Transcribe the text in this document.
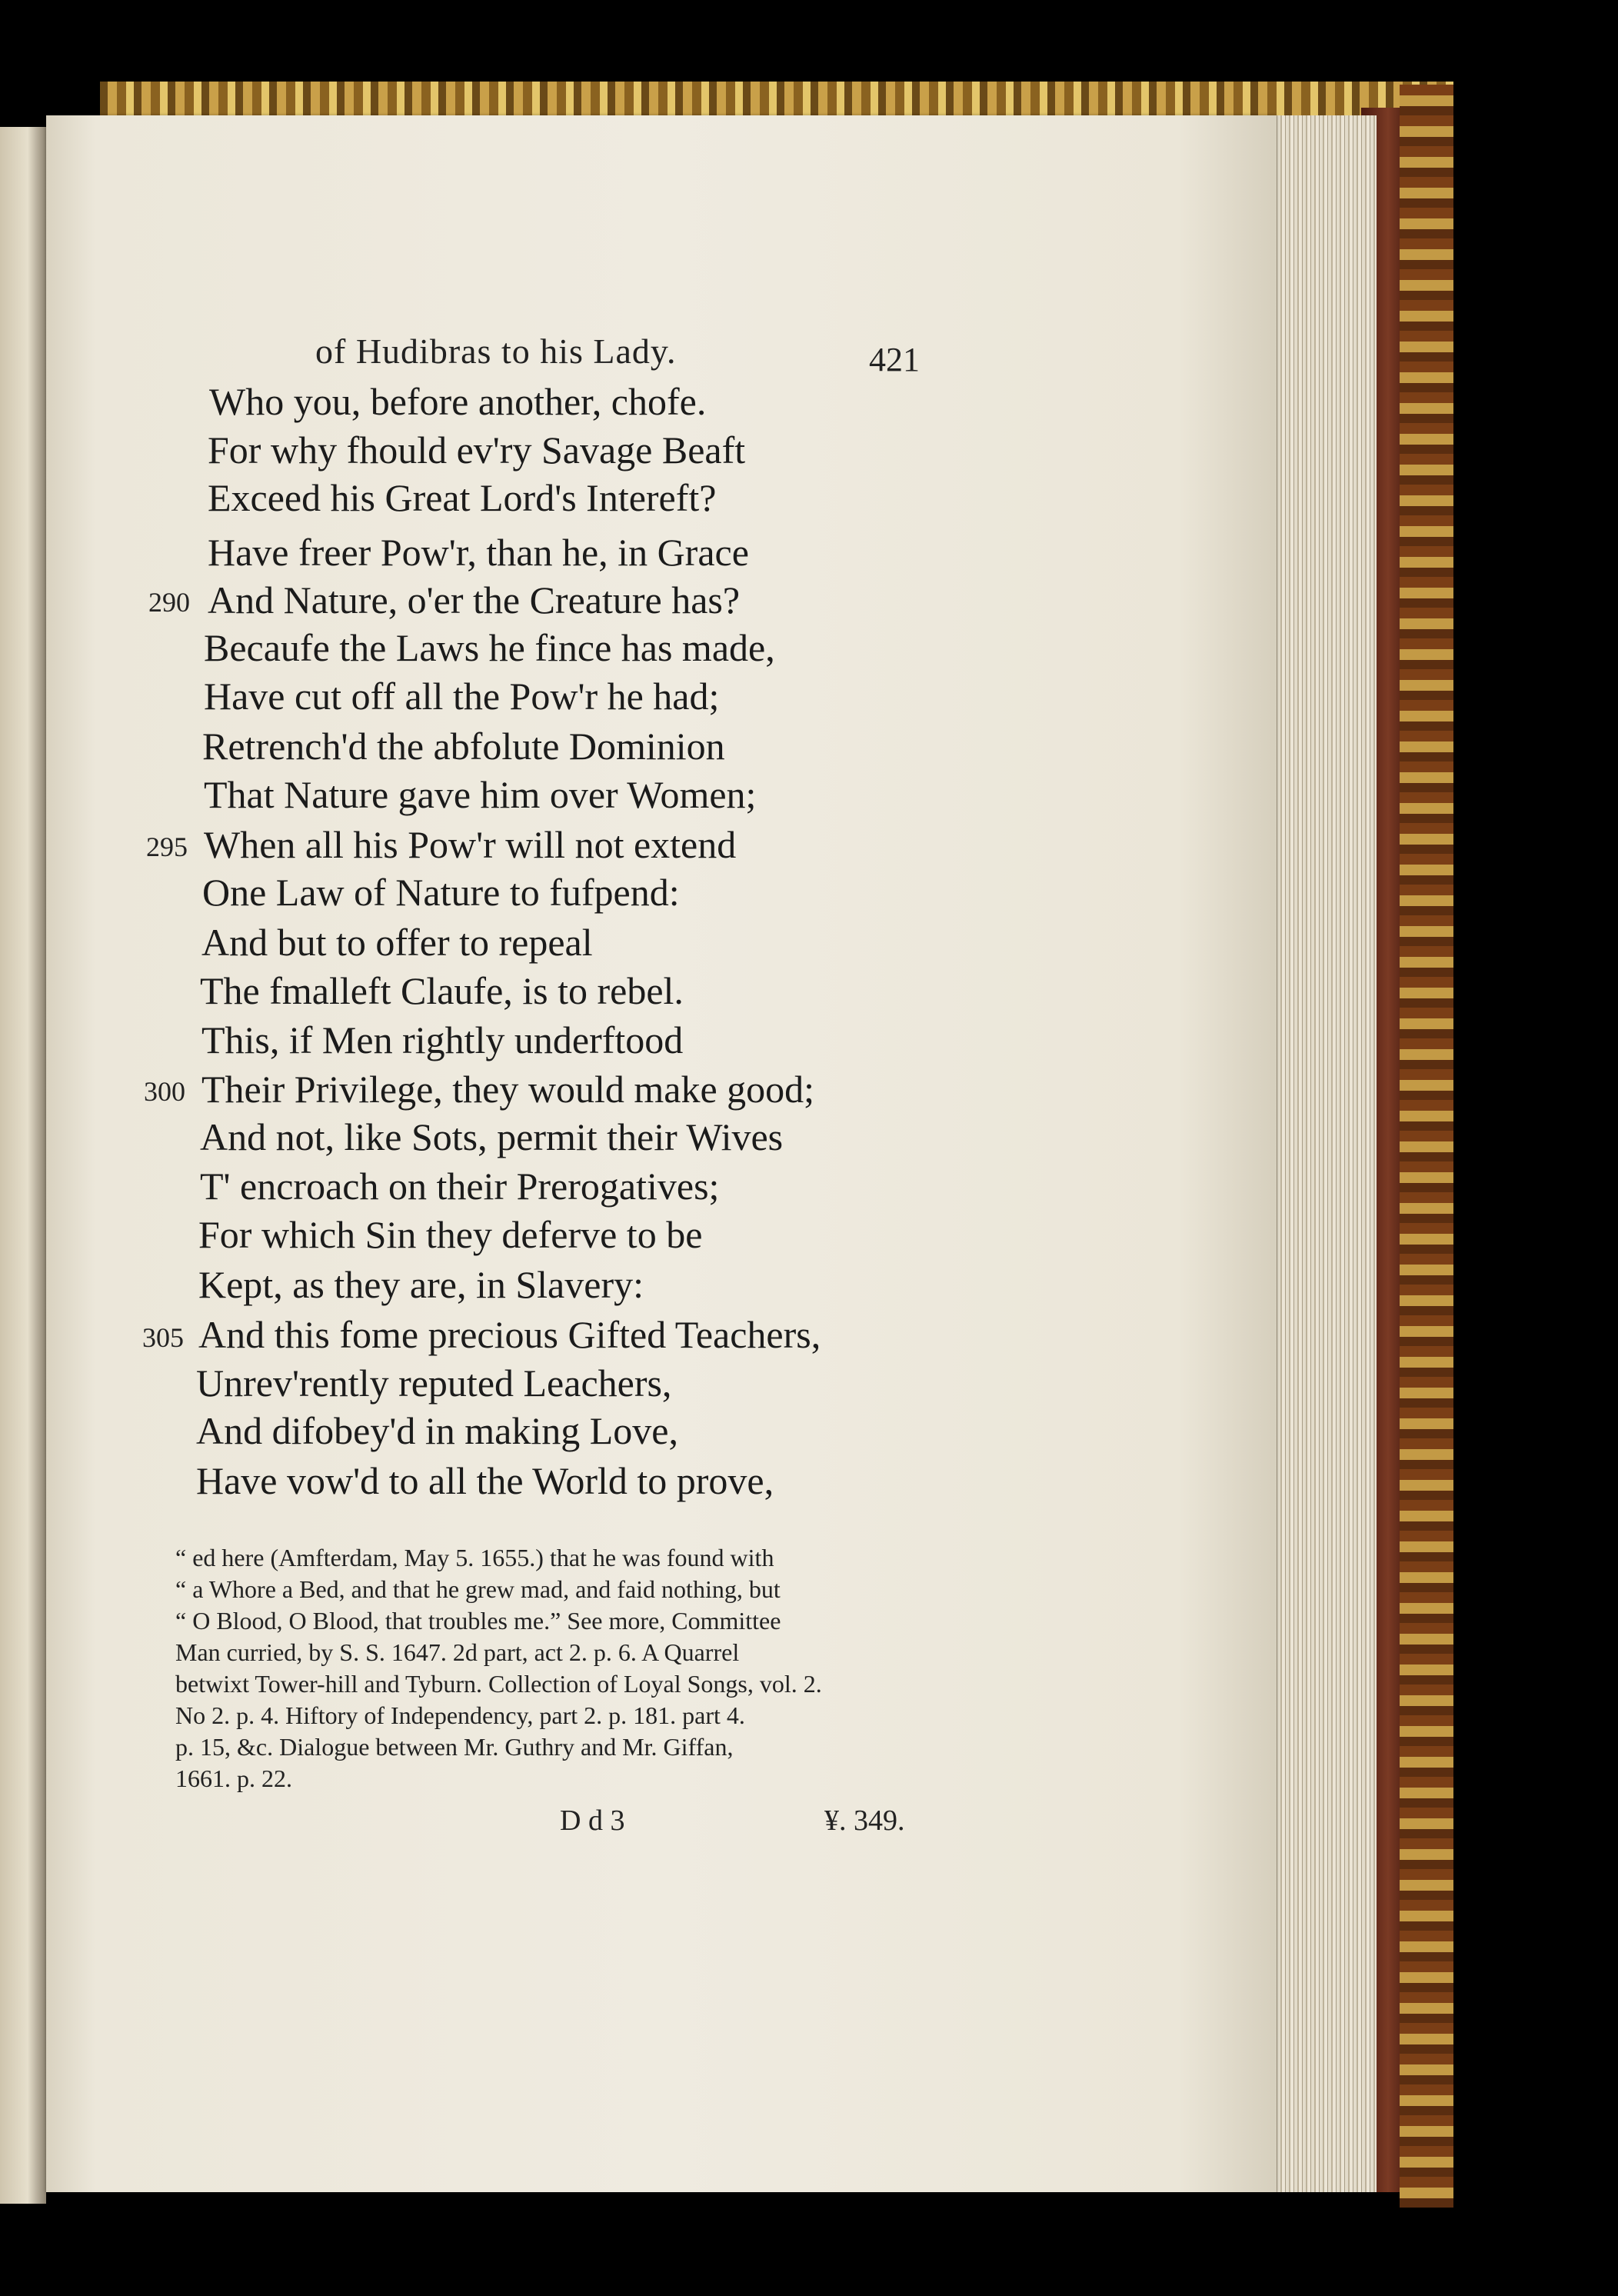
of Hudibras to his Lady.	421
Who you, before another, chofe.
For why fhould ev'ry Savage Beaft
Exceed his Great Lord's Intereft?
Have freer Pow'r, than he, in Grace
290 And Nature, o'er the Creature has?
Becaufe the Laws he fince has made,
Have cut off all the Pow'r he had;
Retrench'd the abfolute Dominion
That Nature gave him over Women;
295 When all his Pow'r will not extend
One Law of Nature to fufpend:
And but to offer to repeal
The fmalleft Claufe, is to rebel.
This, if Men rightly underftood
300 Their Privilege, they would make good;
And not, like Sots, permit their Wives
T' encroach on their Prerogatives;
For which Sin they deferve to be
Kept, as they are, in Slavery:
305 And this fome precious Gifted Teachers,
Unrev'rently reputed Leachers,
And difobey'd in making Love,
Have vow'd to all the World to prove,

“ ed here (Amfterdam, May 5. 1655.) that he was found with

“ a Whore a Bed, and that he grew mad, and faid nothing, but

“ O Blood, O Blood, that troubles me.” See more, Committee

Man curried, by S. S. 1647. 2d part, act 2. p. 6. A Quarrel

betwixt Tower-hill and Tyburn. Collection of Loyal Songs, vol. 2.

No 2. p. 4. Hiftory of Independency, part 2. p. 181. part 4.

p. 15, &c. Dialogue between Mr. Guthry and Mr. Giffan,

1661. p. 22.

D d 3	¥. 349.
